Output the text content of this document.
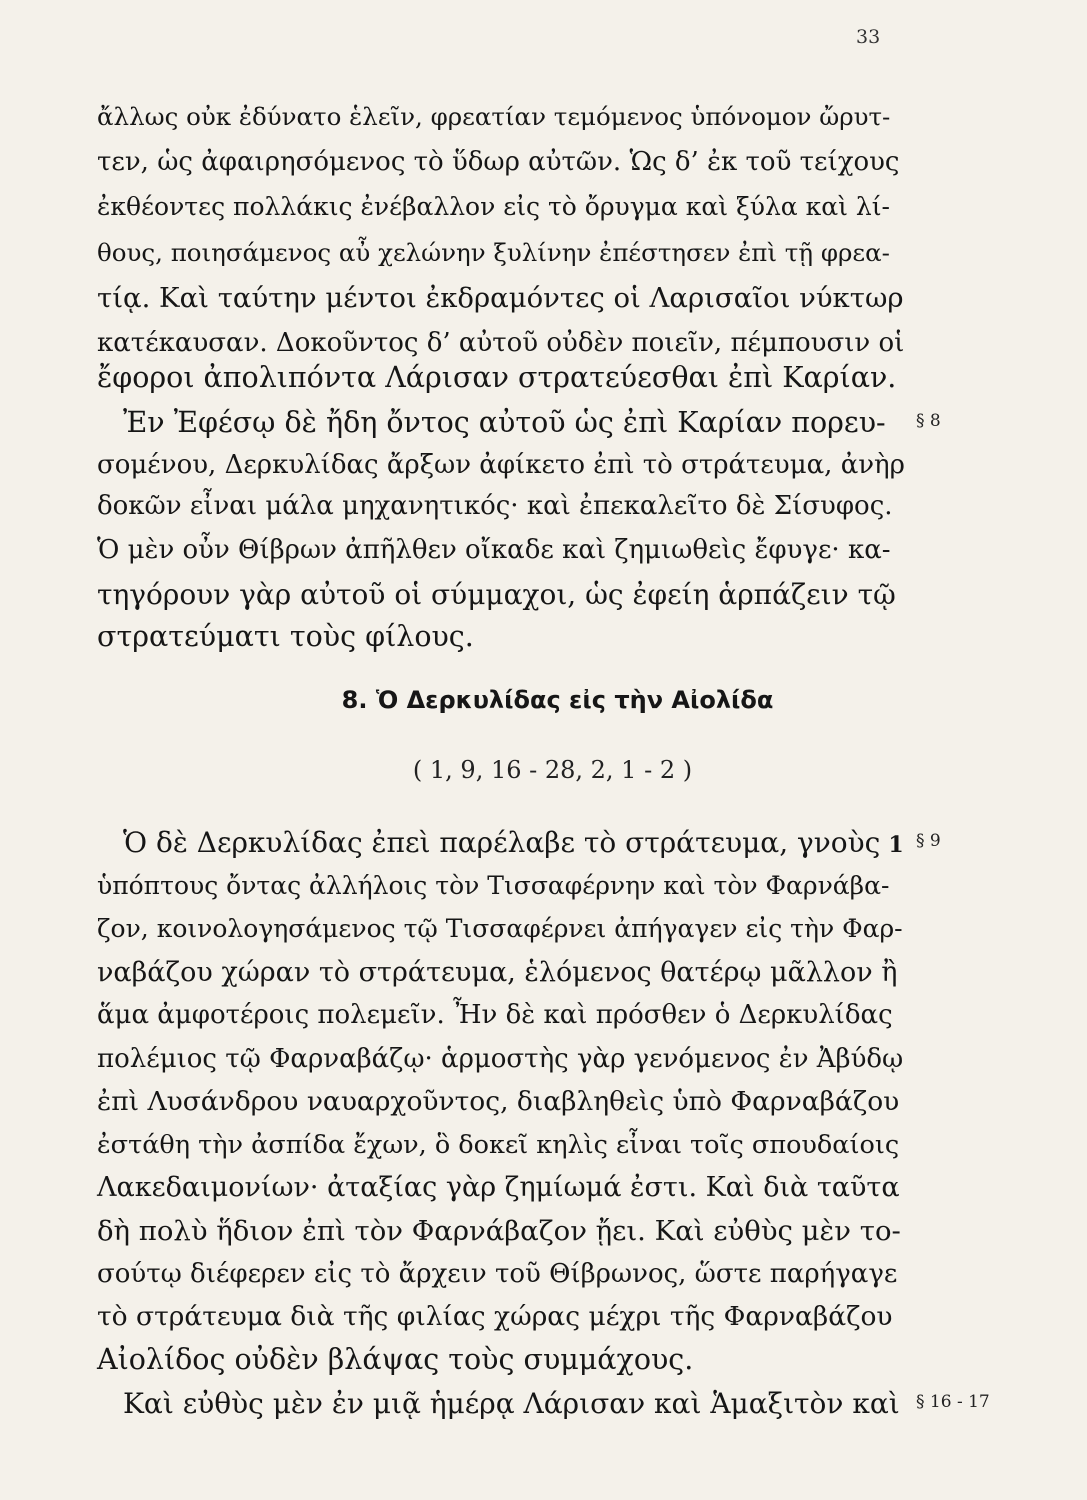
33
ἄλλως οὐκ ἐδύνατο ἑλεῖν, φρεατίαν τεμόμενος ὑπόνομον ὤρυτ-
τεν, ὡς ἀφαιρησόμενος τὸ ὕδωρ αὐτῶν. Ὡς δ’ ἐκ τοῦ τείχους
ἐκθέοντες πολλάκις ἐνέβαλλον εἰς τὸ ὄρυγμα καὶ ξύλα καὶ λί-
θους, ποιησάμενος αὖ χελώνην ξυλίνην ἐπέστησεν ἐπὶ τῇ φρεα-
τίᾳ. Καὶ ταύτην μέντοι ἐκδραμόντες οἱ Λαρισαῖοι νύκτωρ
κατέκαυσαν. Δοκοῦντος δ’ αὐτοῦ οὐδὲν ποιεῖν, πέμπουσιν οἱ
ἔφοροι ἀπολιπόντα Λάρισαν στρατεύεσθαι ἐπὶ Καρίαν.
Ἐν Ἐφέσῳ δὲ ἤδη ὄντος αὐτοῦ ὡς ἐπὶ Καρίαν πορευ- § 8
σομένου, Δερκυλίδας ἄρξων ἀφίκετο ἐπὶ τὸ στράτευμα, ἀνὴρ
δοκῶν εἶναι μάλα μηχανητικός· καὶ ἐπεκαλεῖτο δὲ Σίσυφος.
Ὁ μὲν οὖν Θίβρων ἀπῆλθεν οἴκαδε καὶ ζημιωθεὶς ἔφυγε· κα-
τηγόρουν γὰρ αὐτοῦ οἱ σύμμαχοι, ὡς ἐφείη ἁρπάζειν τῷ
στρατεύματι τοὺς φίλους.
8. Ὁ Δερκυλίδας εἰς τὴν Αἰολίδα
( 1, 9, 16 - 28, 2, 1 - 2 )
Ὁ δὲ Δερκυλίδας ἐπεὶ παρέλαβε τὸ στράτευμα, γνοὺς 1 § 9
ὑπόπτους ὄντας ἀλλήλοις τὸν Τισσαφέρνην καὶ τὸν Φαρνάβα-
ζον, κοινολογησάμενος τῷ Τισσαφέρνει ἀπήγαγεν εἰς τὴν Φαρ-
ναβάζου χώραν τὸ στράτευμα, ἑλόμενος θατέρῳ μᾶλλον ἢ
ἅμα ἀμφοτέροις πολεμεῖν. Ἦν δὲ καὶ πρόσθεν ὁ Δερκυλίδας
πολέμιος τῷ Φαρναβάζῳ· ἁρμοστὴς γὰρ γενόμενος ἐν Ἀβύδῳ
ἐπὶ Λυσάνδρου ναυαρχοῦντος, διαβληθεὶς ὑπὸ Φαρναβάζου
ἐστάθη τὴν ἀσπίδα ἔχων, ὃ δοκεῖ κηλὶς εἶναι τοῖς σπουδαίοις
Λακεδαιμονίων· ἀταξίας γὰρ ζημίωμά ἐστι. Καὶ διὰ ταῦτα
δὴ πολὺ ἥδιον ἐπὶ τὸν Φαρνάβαζον ᾔει. Καὶ εὐθὺς μὲν το-
σούτῳ διέφερεν εἰς τὸ ἄρχειν τοῦ Θίβρωνος, ὥστε παρήγαγε
τὸ στράτευμα διὰ τῆς φιλίας χώρας μέχρι τῆς Φαρναβάζου
Αἰολίδος οὐδὲν βλάψας τοὺς συμμάχους.
Καὶ εὐθὺς μὲν ἐν μιᾷ ἡμέρᾳ Λάρισαν καὶ Ἁμαξιτὸν καὶ § 16 - 17
